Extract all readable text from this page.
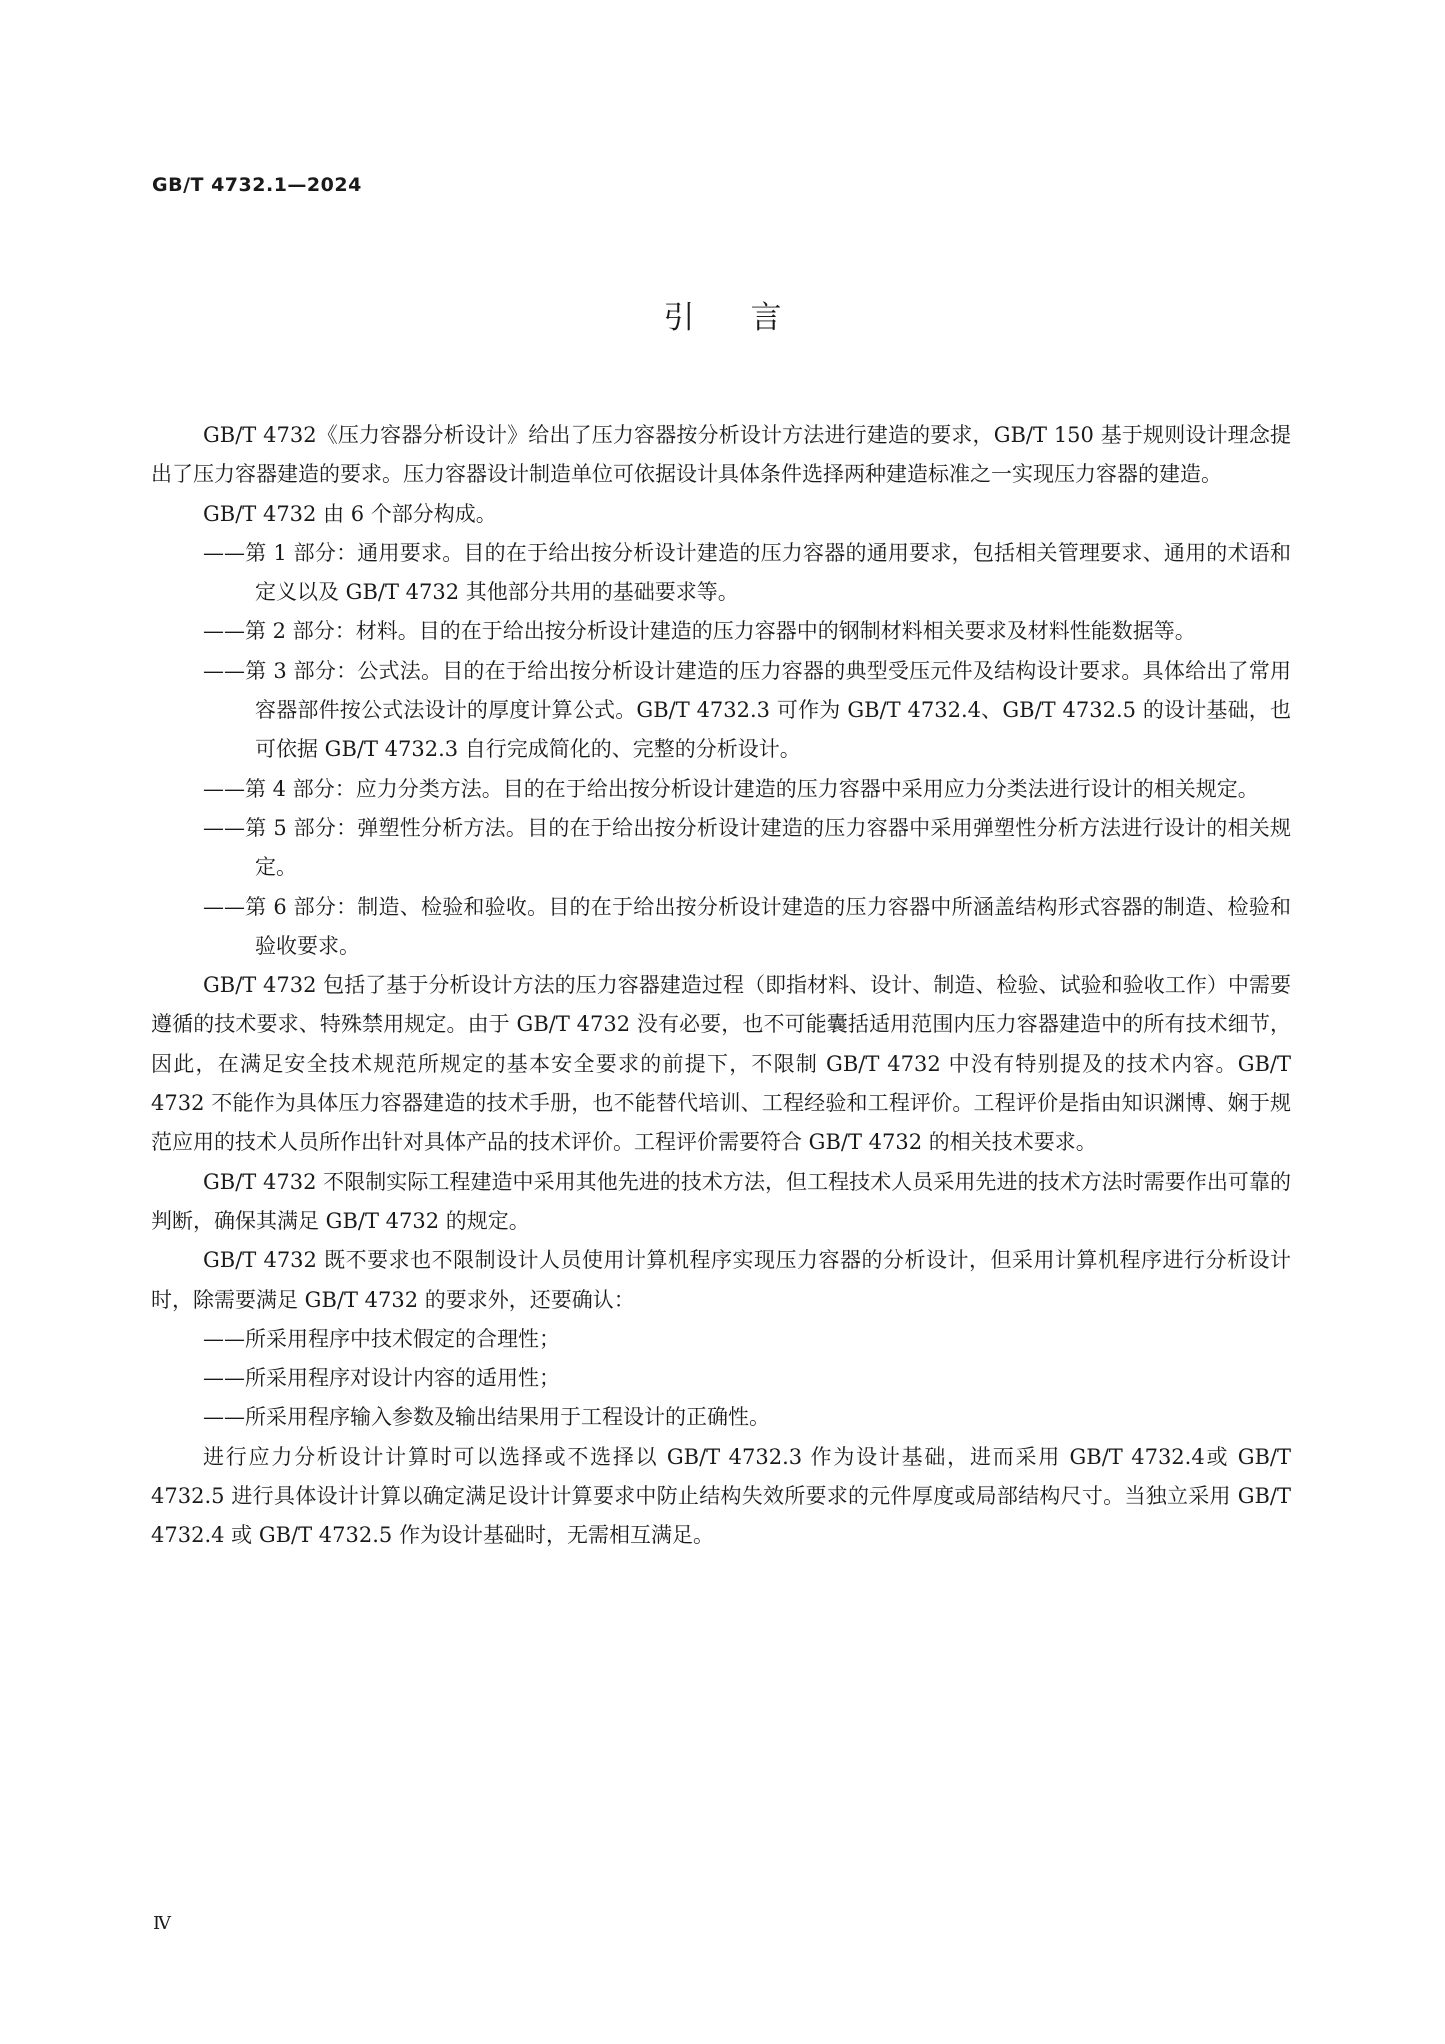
GB/T 4732.1—2024
引言

GB/T 4732《压力容器分析设计》给出了压力容器按分析设计方法进行建造的要求，GB/T 150 基于规则设计理念提出了压力容器建造的要求。压力容器设计制造单位可依据设计具体条件选择两种建造标准之一实现压力容器的建造。

GB/T 4732 由 6 个部分构成。

——第 1 部分：通用要求。目的在于给出按分析设计建造的压力容器的通用要求，包括相关管理要求、通用的术语和定义以及 GB/T 4732 其他部分共用的基础要求等。

——第 2 部分：材料。目的在于给出按分析设计建造的压力容器中的钢制材料相关要求及材料性能数据等。

——第 3 部分：公式法。目的在于给出按分析设计建造的压力容器的典型受压元件及结构设计要求。具体给出了常用容器部件按公式法设计的厚度计算公式。GB/T 4732.3 可作为 GB/T 4732.4、GB/T 4732.5 的设计基础，也可依据 GB/T 4732.3 自行完成简化的、完整的分析设计。

——第 4 部分：应力分类方法。目的在于给出按分析设计建造的压力容器中采用应力分类法进行设计的相关规定。

——第 5 部分：弹塑性分析方法。目的在于给出按分析设计建造的压力容器中采用弹塑性分析方法进行设计的相关规定。

——第 6 部分：制造、检验和验收。目的在于给出按分析设计建造的压力容器中所涵盖结构形式容器的制造、检验和验收要求。

GB/T 4732 包括了基于分析设计方法的压力容器建造过程（即指材料、设计、制造、检验、试验和验收工作）中需要遵循的技术要求、特殊禁用规定。由于 GB/T 4732 没有必要，也不可能囊括适用范围内压力容器建造中的所有技术细节，因此，在满足安全技术规范所规定的基本安全要求的前提下，不限制 GB/T 4732 中没有特别提及的技术内容。GB/T 4732 不能作为具体压力容器建造的技术手册，也不能替代培训、工程经验和工程评价。工程评价是指由知识渊博、娴于规范应用的技术人员所作出针对具体产品的技术评价。工程评价需要符合 GB/T 4732 的相关技术要求。

GB/T 4732 不限制实际工程建造中采用其他先进的技术方法，但工程技术人员采用先进的技术方法时需要作出可靠的判断，确保其满足 GB/T 4732 的规定。

GB/T 4732 既不要求也不限制设计人员使用计算机程序实现压力容器的分析设计，但采用计算机程序进行分析设计时，除需要满足 GB/T 4732 的要求外，还要确认：

——所采用程序中技术假定的合理性；

——所采用程序对设计内容的适用性；

——所采用程序输入参数及输出结果用于工程设计的正确性。

进行应力分析设计计算时可以选择或不选择以 GB/T 4732.3 作为设计基础，进而采用 GB/T 4732.4或 GB/T 4732.5 进行具体设计计算以确定满足设计计算要求中防止结构失效所要求的元件厚度或局部结构尺寸。当独立采用 GB/T 4732.4 或 GB/T 4732.5 作为设计基础时，无需相互满足。

Ⅳ
